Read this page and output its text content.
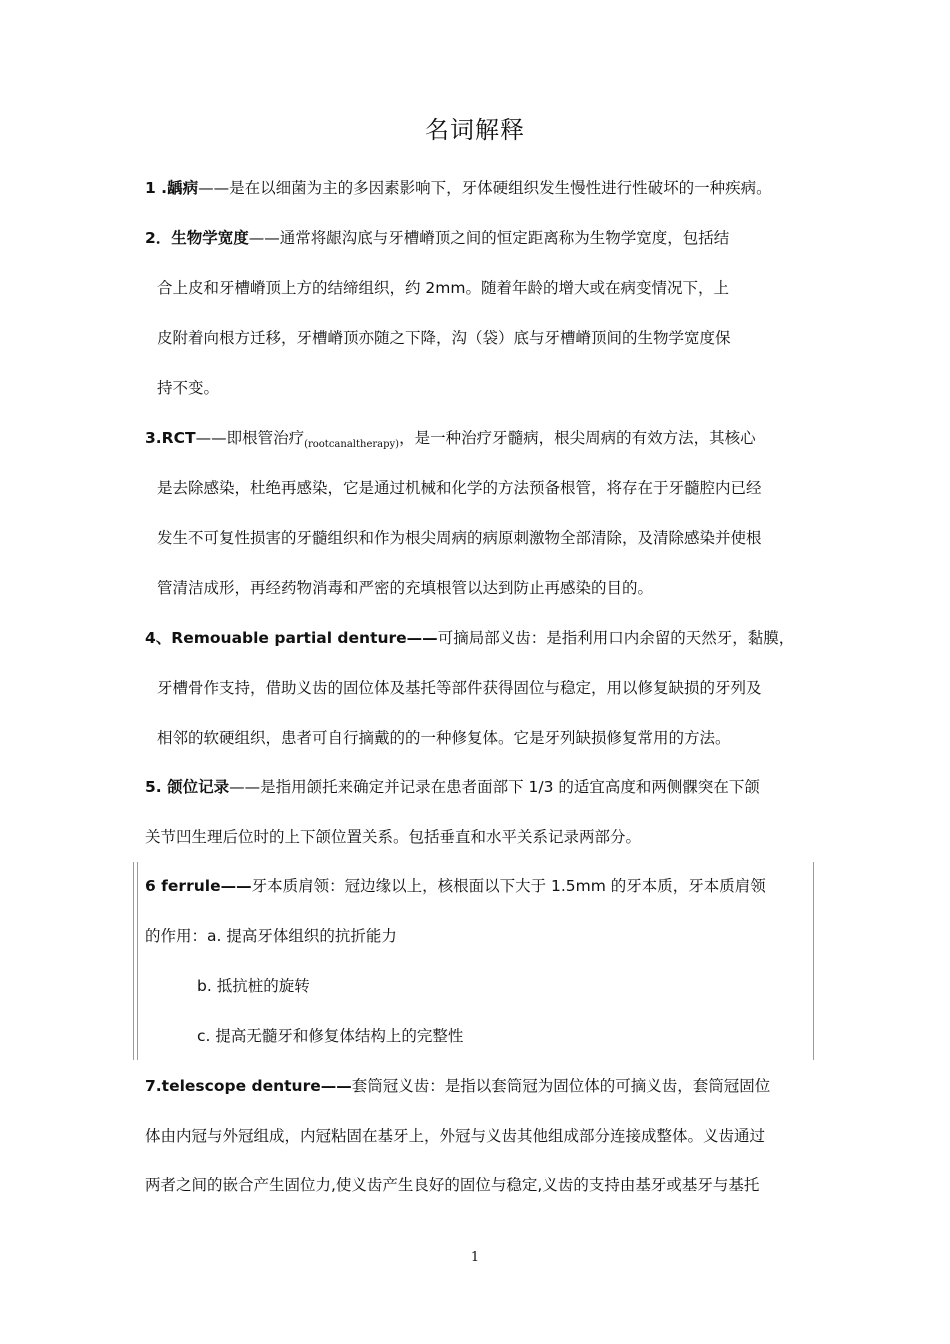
名词解释
1 .龋病——是在以细菌为主的多因素影响下，牙体硬组织发生慢性进行性破坏的一种疾病。
2．生物学宽度——通常将龈沟底与牙槽嵴顶之间的恒定距离称为生物学宽度，包括结
合上皮和牙槽嵴顶上方的结缔组织，约 2mm。随着年龄的增大或在病变情况下，上
皮附着向根方迁移，牙槽嵴顶亦随之下降，沟（袋）底与牙槽嵴顶间的生物学宽度保
持不变。
3.RCT——即根管治疗$_{(rootcanaltherapy)}$，是一种治疗牙髓病，根尖周病的有效方法，其核心
是去除感染，杜绝再感染，它是通过机械和化学的方法预备根管，将存在于牙髓腔内已经
发生不可复性损害的牙髓组织和作为根尖周病的病原刺激物全部清除，及清除感染并使根
管清洁成形，再经药物消毒和严密的充填根管以达到防止再感染的目的。
4、Remouable partial denture——可摘局部义齿：是指利用口内余留的天然牙，黏膜，
牙槽骨作支持，借助义齿的固位体及基托等部件获得固位与稳定，用以修复缺损的牙列及
相邻的软硬组织，患者可自行摘戴的的一种修复体。它是牙列缺损修复常用的方法。
5. 颌位记录——是指用颌托来确定并记录在患者面部下 1/3 的适宜高度和两侧髁突在下颌
关节凹生理后位时的上下颌位置关系。包括垂直和水平关系记录两部分。
6 ferrule——牙本质肩领：冠边缘以上，核根面以下大于 1.5mm 的牙本质，牙本质肩领
的作用：a. 提高牙体组织的抗折能力
b. 抵抗桩的旋转
c. 提高无髓牙和修复体结构上的完整性
7.telescope denture——套筒冠义齿：是指以套筒冠为固位体的可摘义齿，套筒冠固位
体由内冠与外冠组成，内冠粘固在基牙上，外冠与义齿其他组成部分连接成整体。义齿通过
两者之间的嵌合产生固位力,使义齿产生良好的固位与稳定,义齿的支持由基牙或基牙与基托
1
